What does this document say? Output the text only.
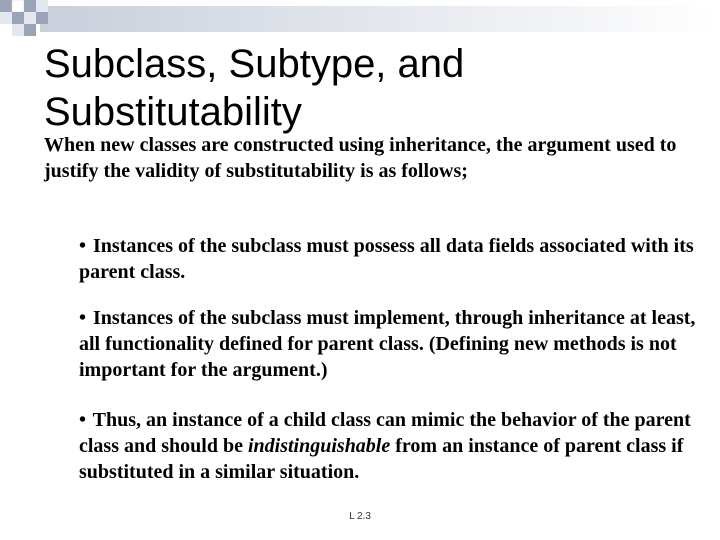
Subclass, Subtype, and Substitutability

When new classes are constructed using inheritance, the argument used to justify the validity of substitutability is as follows;

• Instances of the subclass must possess all data fields associated with its parent class.

• Instances of the subclass must implement, through inheritance at least, all functionality defined for parent class. (Defining new methods is not important for the argument.)

• Thus, an instance of a child class can mimic the behavior of the parent class and should be indistinguishable from an instance of parent class if substituted in a similar situation.

L 2.3
